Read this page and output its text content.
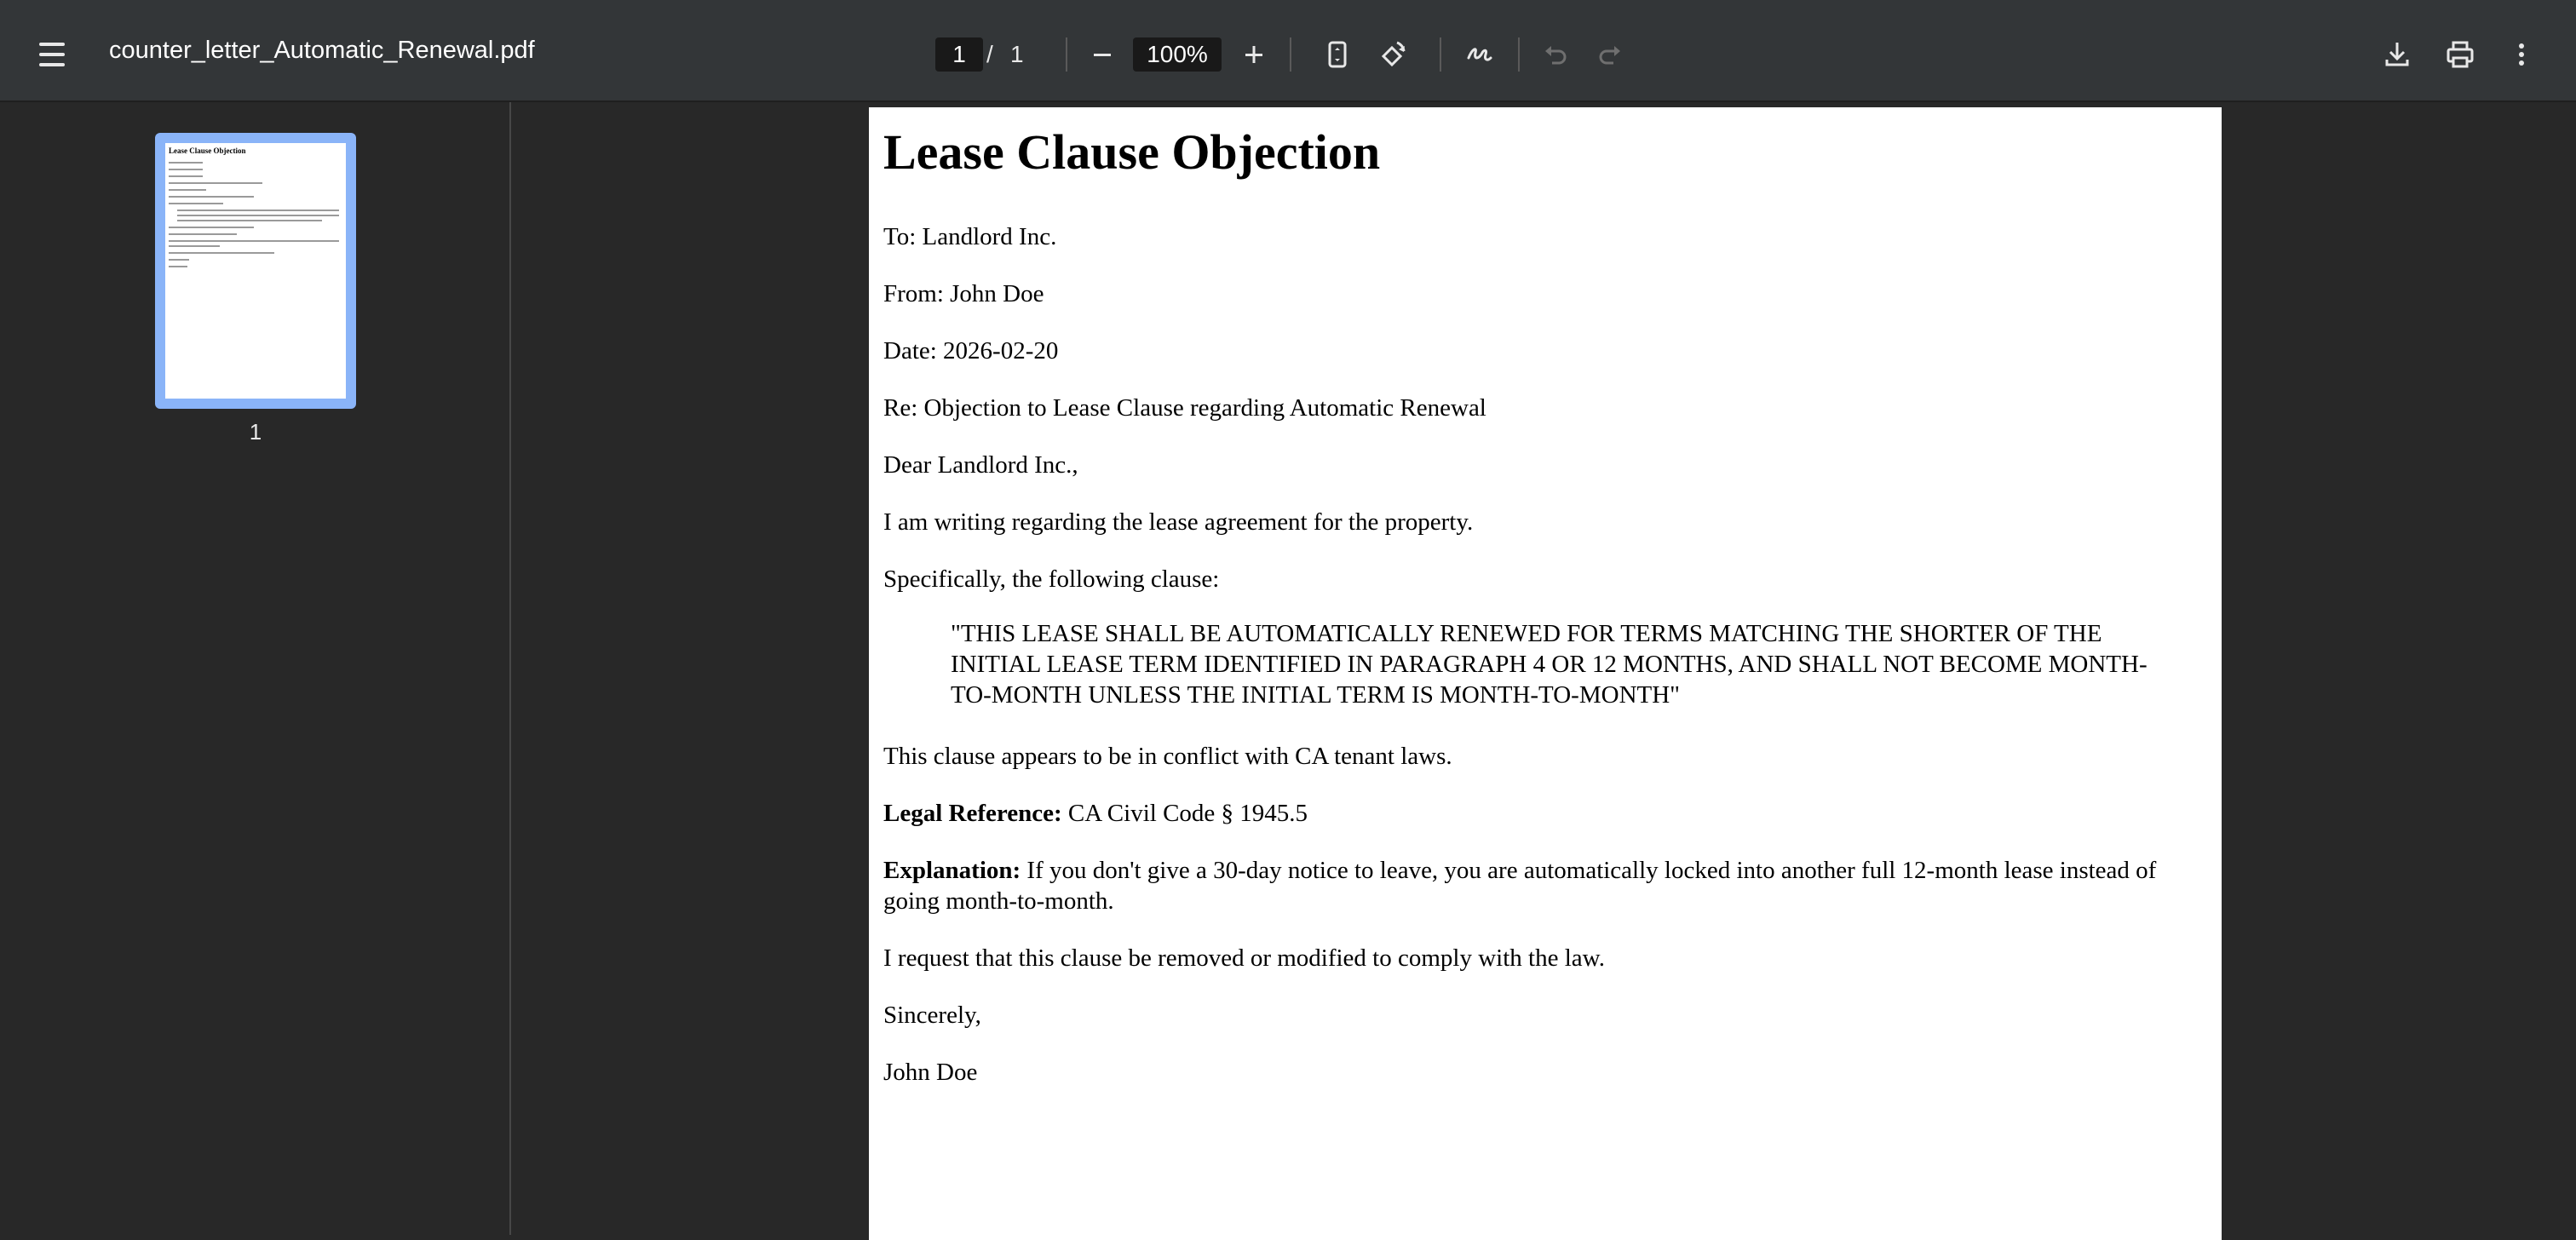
counter_letter_Automatic_Renewal.pdf	1 / 1	100%
Lease Clause Objection
1
Lease Clause Objection

To: Landlord Inc.

From: John Doe

Date: 2026-02-20

Re: Objection to Lease Clause regarding Automatic Renewal

Dear Landlord Inc.,

I am writing regarding the lease agreement for the property.

Specifically, the following clause:

"THIS LEASE SHALL BE AUTOMATICALLY RENEWED FOR TERMS MATCHING THE SHORTER OF THE INITIAL LEASE TERM IDENTIFIED IN PARAGRAPH 4 OR 12 MONTHS, AND SHALL NOT BECOME MONTH-TO-MONTH UNLESS THE INITIAL TERM IS MONTH-TO-MONTH"

This clause appears to be in conflict with CA tenant laws.

Legal Reference: CA Civil Code § 1945.5

Explanation: If you don't give a 30-day notice to leave, you are automatically locked into another full 12-month lease instead of going month-to-month.

I request that this clause be removed or modified to comply with the law.

Sincerely,

John Doe
